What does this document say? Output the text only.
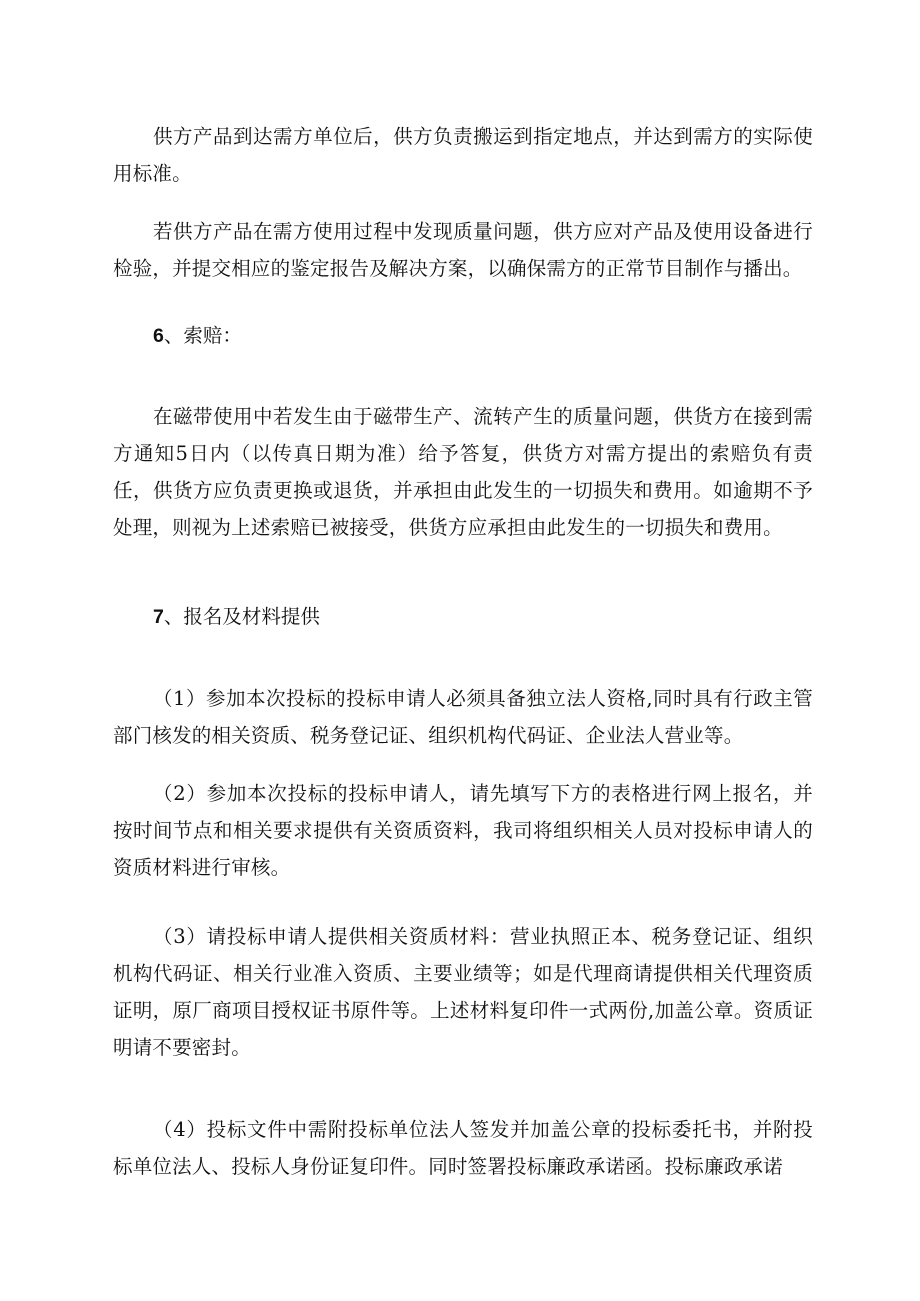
供方产品到达需方单位后，供方负责搬运到指定地点，并达到需方的实际使用标准。

若供方产品在需方使用过程中发现质量问题，供方应对产品及使用设备进行检验，并提交相应的鉴定报告及解决方案，以确保需方的正常节目制作与播出。

6、索赔：

在磁带使用中若发生由于磁带生产、流转产生的质量问题，供货方在接到需方通知5日内（以传真日期为准）给予答复，供货方对需方提出的索赔负有责任，供货方应负责更换或退货，并承担由此发生的一切损失和费用。如逾期不予处理，则视为上述索赔已被接受，供货方应承担由此发生的一切损失和费用。

7、报名及材料提供

（1）参加本次投标的投标申请人必须具备独立法人资格,同时具有行政主管部门核发的相关资质、税务登记证、组织机构代码证、企业法人营业等。

（2）参加本次投标的投标申请人，请先填写下方的表格进行网上报名，并按时间节点和相关要求提供有关资质资料，我司将组织相关人员对投标申请人的资质材料进行审核。

（3）请投标申请人提供相关资质材料：营业执照正本、税务登记证、组织机构代码证、相关行业准入资质、主要业绩等；如是代理商请提供相关代理资质证明，原厂商项目授权证书原件等。上述材料复印件一式两份,加盖公章。资质证明请不要密封。

（4）投标文件中需附投标单位法人签发并加盖公章的投标委托书，并附投标单位法人、投标人身份证复印件。同时签署投标廉政承诺函。投标廉政承诺
